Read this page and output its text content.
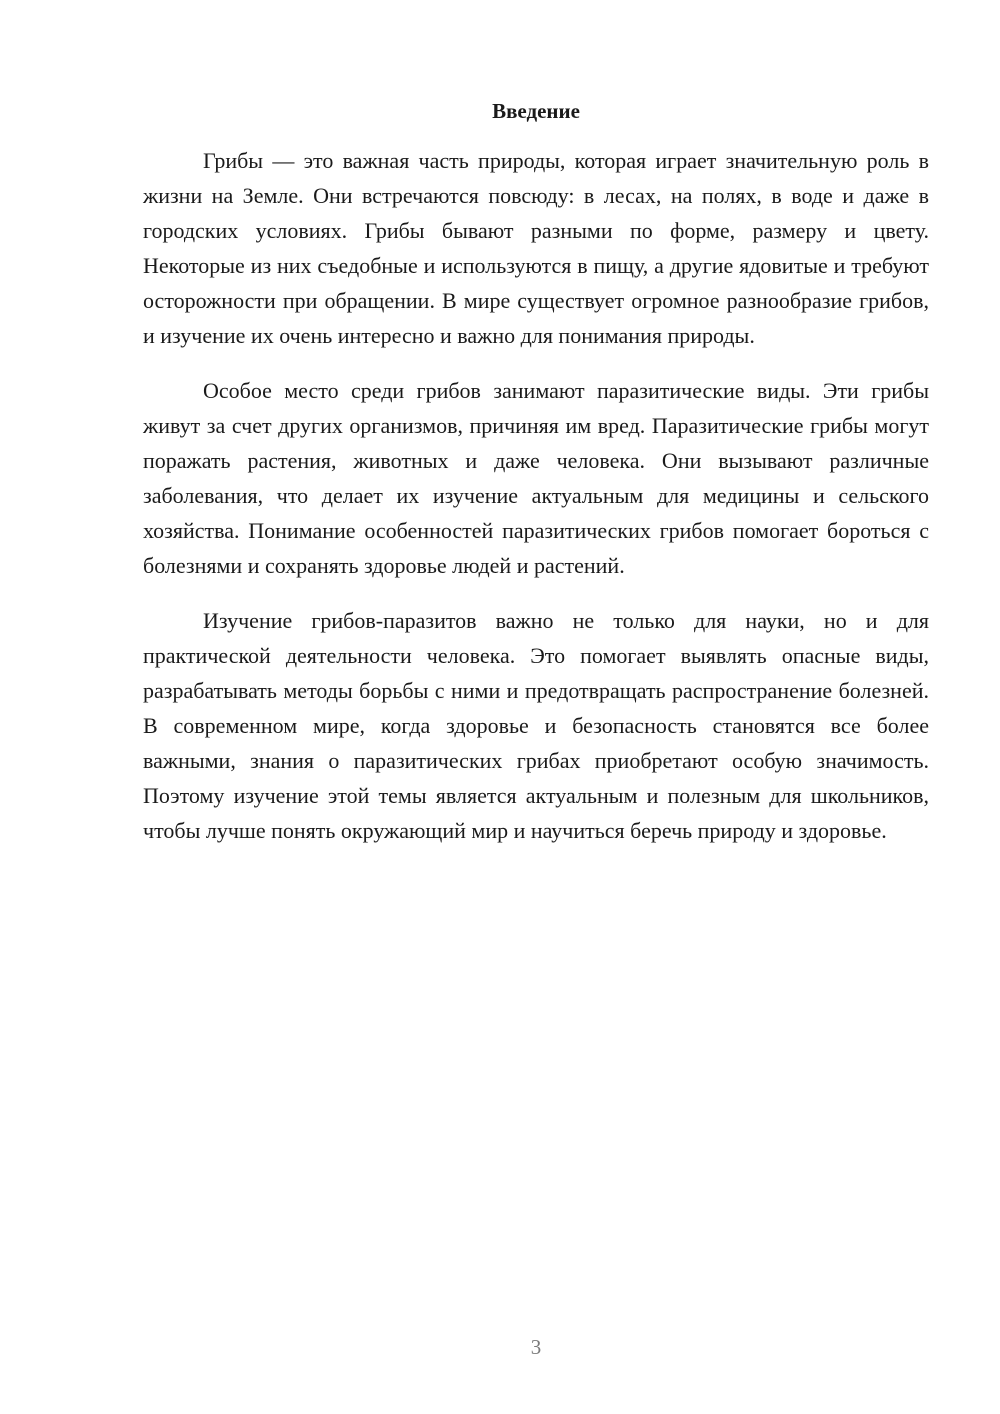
Введение

Грибы — это важная часть природы, которая играет значительную роль в жизни на Земле. Они встречаются повсюду: в лесах, на полях, в воде и даже в городских условиях. Грибы бывают разными по форме, размеру и цвету. Некоторые из них съедобные и используются в пищу, а другие ядовитые и требуют осторожности при обращении. В мире существует огромное разнообразие грибов, и изучение их очень интересно и важно для понимания природы.

Особое место среди грибов занимают паразитические виды. Эти грибы живут за счет других организмов, причиняя им вред. Паразитические грибы могут поражать растения, животных и даже человека. Они вызывают различные заболевания, что делает их изучение актуальным для медицины и сельского хозяйства. Понимание особенностей паразитических грибов помогает бороться с болезнями и сохранять здоровье людей и растений.

Изучение грибов-паразитов важно не только для науки, но и для практической деятельности человека. Это помогает выявлять опасные виды, разрабатывать методы борьбы с ними и предотвращать распространение болезней. В современном мире, когда здоровье и безопасность становятся все более важными, знания о паразитических грибах приобретают особую значимость. Поэтому изучение этой темы является актуальным и полезным для школьников, чтобы лучше понять окружающий мир и научиться беречь природу и здоровье.

3
